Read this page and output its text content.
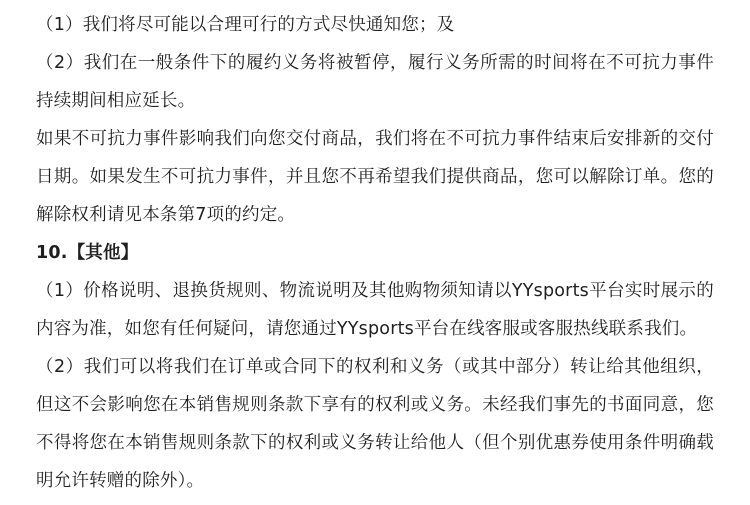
（1）我们将尽可能以合理可行的方式尽快通知您；及

（2）我们在一般条件下的履约义务将被暂停，履行义务所需的时间将在不可抗力事件持续期间相应延长。

如果不可抗力事件影响我们向您交付商品，我们将在不可抗力事件结束后安排新的交付日期。如果发生不可抗力事件，并且您不再希望我们提供商品，您可以解除订单。您的解除权利请见本条第7项的约定。

10.【其他】

（1）价格说明、退换货规则、物流说明及其他购物须知请以YYsports平台实时展示的内容为准，如您有任何疑问，请您通过YYsports平台在线客服或客服热线联系我们。

（2）我们可以将我们在订单或合同下的权利和义务（或其中部分）转让给其他组织，但这不会影响您在本销售规则条款下享有的权利或义务。未经我们事先的书面同意，您不得将您在本销售规则条款下的权利或义务转让给他人（但个别优惠券使用条件明确载明允许转赠的除外）。
